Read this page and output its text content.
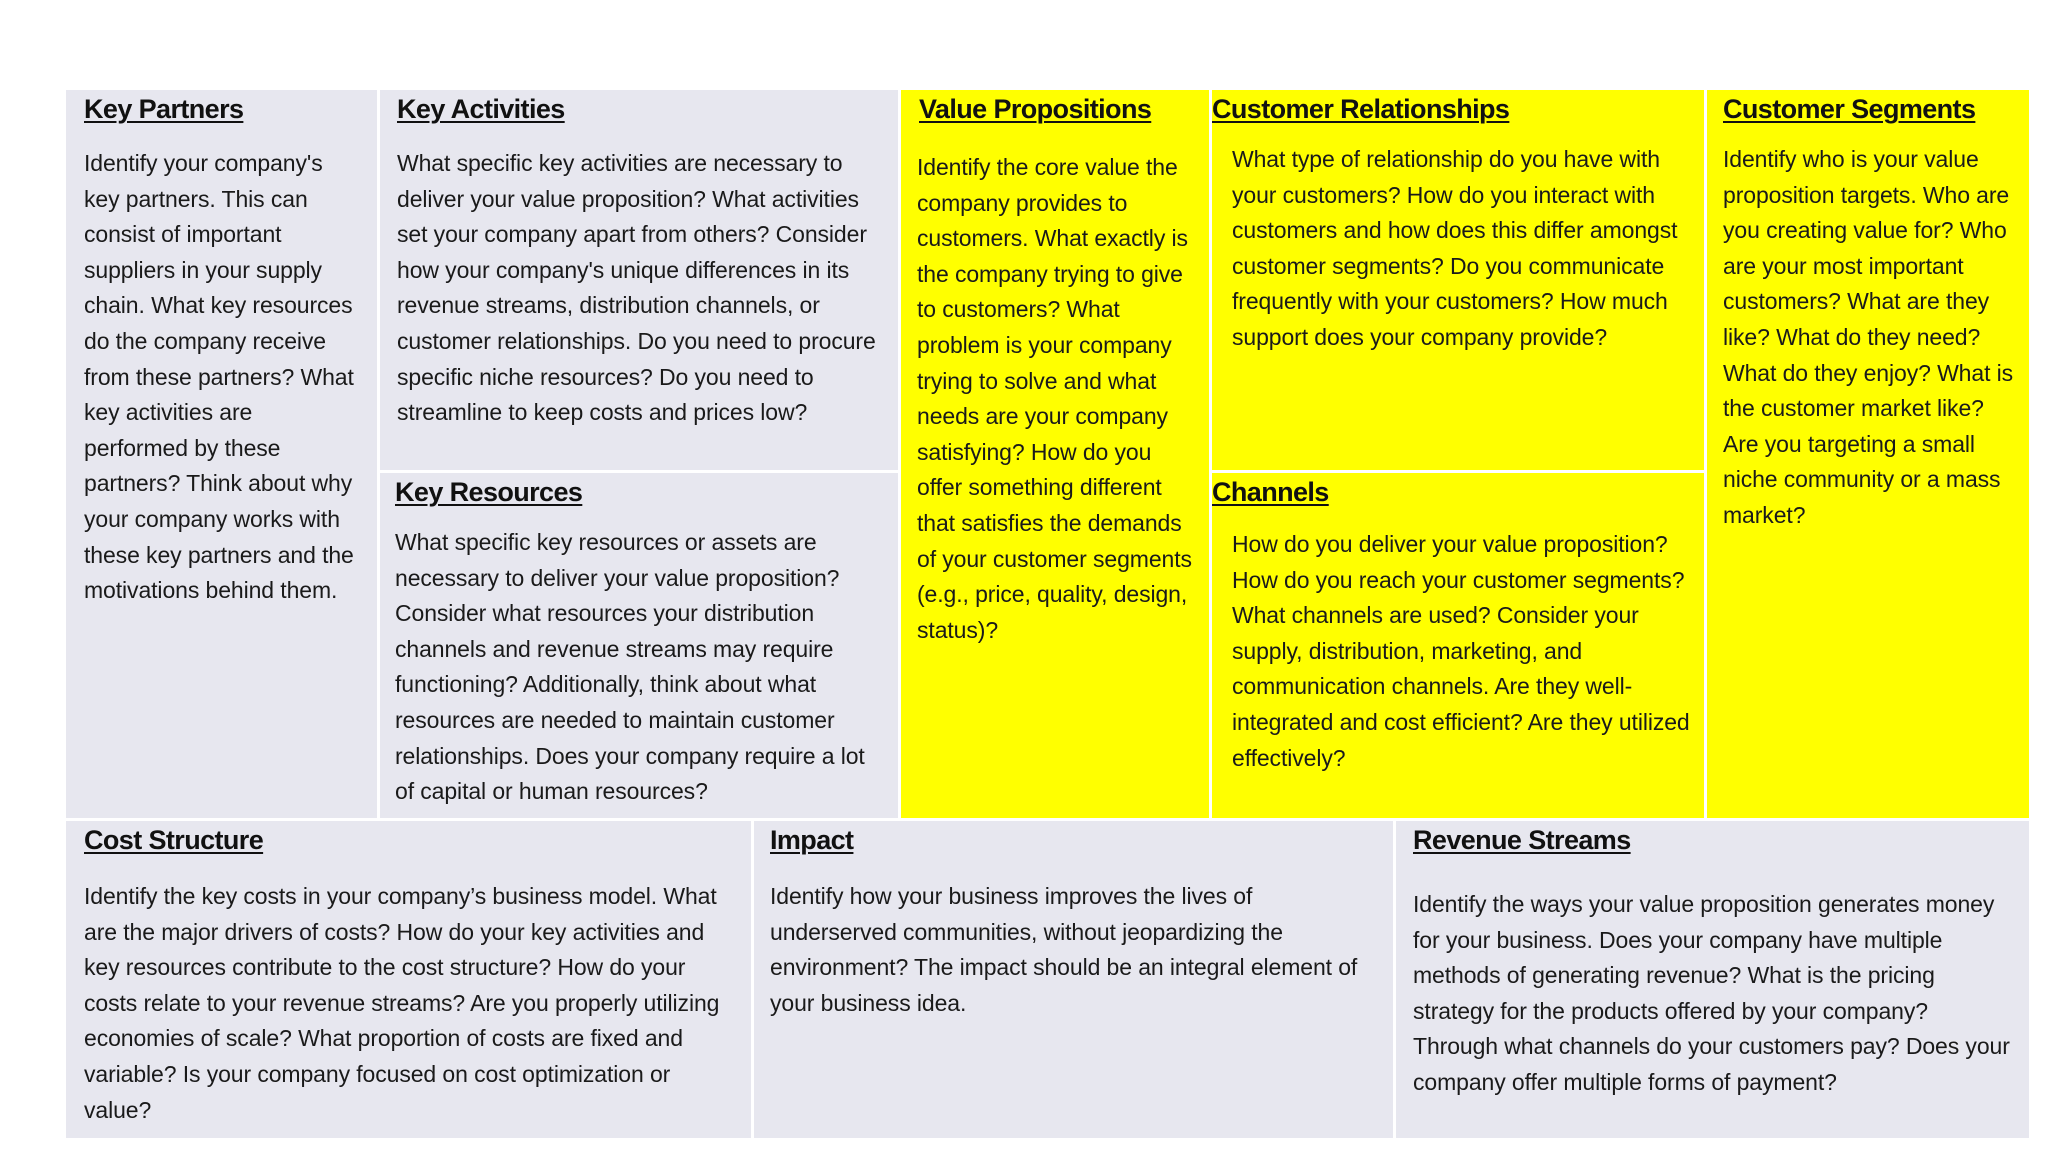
Key Partners

Identify your company's key partners. This can consist of important suppliers in your supply chain. What key resources do the company receive from these partners? What key activities are performed by these partners? Think about why your company works with these key partners and the motivations behind them.

Key Activities

What specific key activities are necessary to deliver your value proposition? What activities set your company apart from others? Consider how your company's unique differences in its revenue streams, distribution channels, or customer relationships. Do you need to procure specific niche resources? Do you need to streamline to keep costs and prices low?

Key Resources

What specific key resources or assets are necessary to deliver your value proposition? Consider what resources your distribution channels and revenue streams may require functioning? Additionally, think about what resources are needed to maintain customer relationships. Does your company require a lot of capital or human resources?

Value Propositions

Identify the core value the company provides to customers. What exactly is the company trying to give to customers? What problem is your company trying to solve and what needs are your company satisfying? How do you offer something different that satisfies the demands of your customer segments (e.g., price, quality, design, status)?

Customer Relationships

What type of relationship do you have with your customers? How do you interact with customers and how does this differ amongst customer segments? Do you communicate frequently with your customers? How much support does your company provide?

Channels

How do you deliver your value proposition? How do you reach your customer segments? What channels are used? Consider your supply, distribution, marketing, and communication channels. Are they well-integrated and cost efficient? Are they utilized effectively?

Customer Segments

Identify who is your value proposition targets. Who are you creating value for? Who are your most important customers? What are they like? What do they need? What do they enjoy? What is the customer market like? Are you targeting a small niche community or a mass market?

Cost Structure

Identify the key costs in your company’s business model. What are the major drivers of costs? How do your key activities and key resources contribute to the cost structure? How do your costs relate to your revenue streams? Are you properly utilizing economies of scale? What proportion of costs are fixed and variable? Is your company focused on cost optimization or value?

Impact

Identify how your business improves the lives of underserved communities, without jeopardizing the environment? The impact should be an integral element of your business idea.

Revenue Streams

Identify the ways your value proposition generates money for your business. Does your company have multiple methods of generating revenue? What is the pricing strategy for the products offered by your company? Through what channels do your customers pay? Does your company offer multiple forms of payment?
